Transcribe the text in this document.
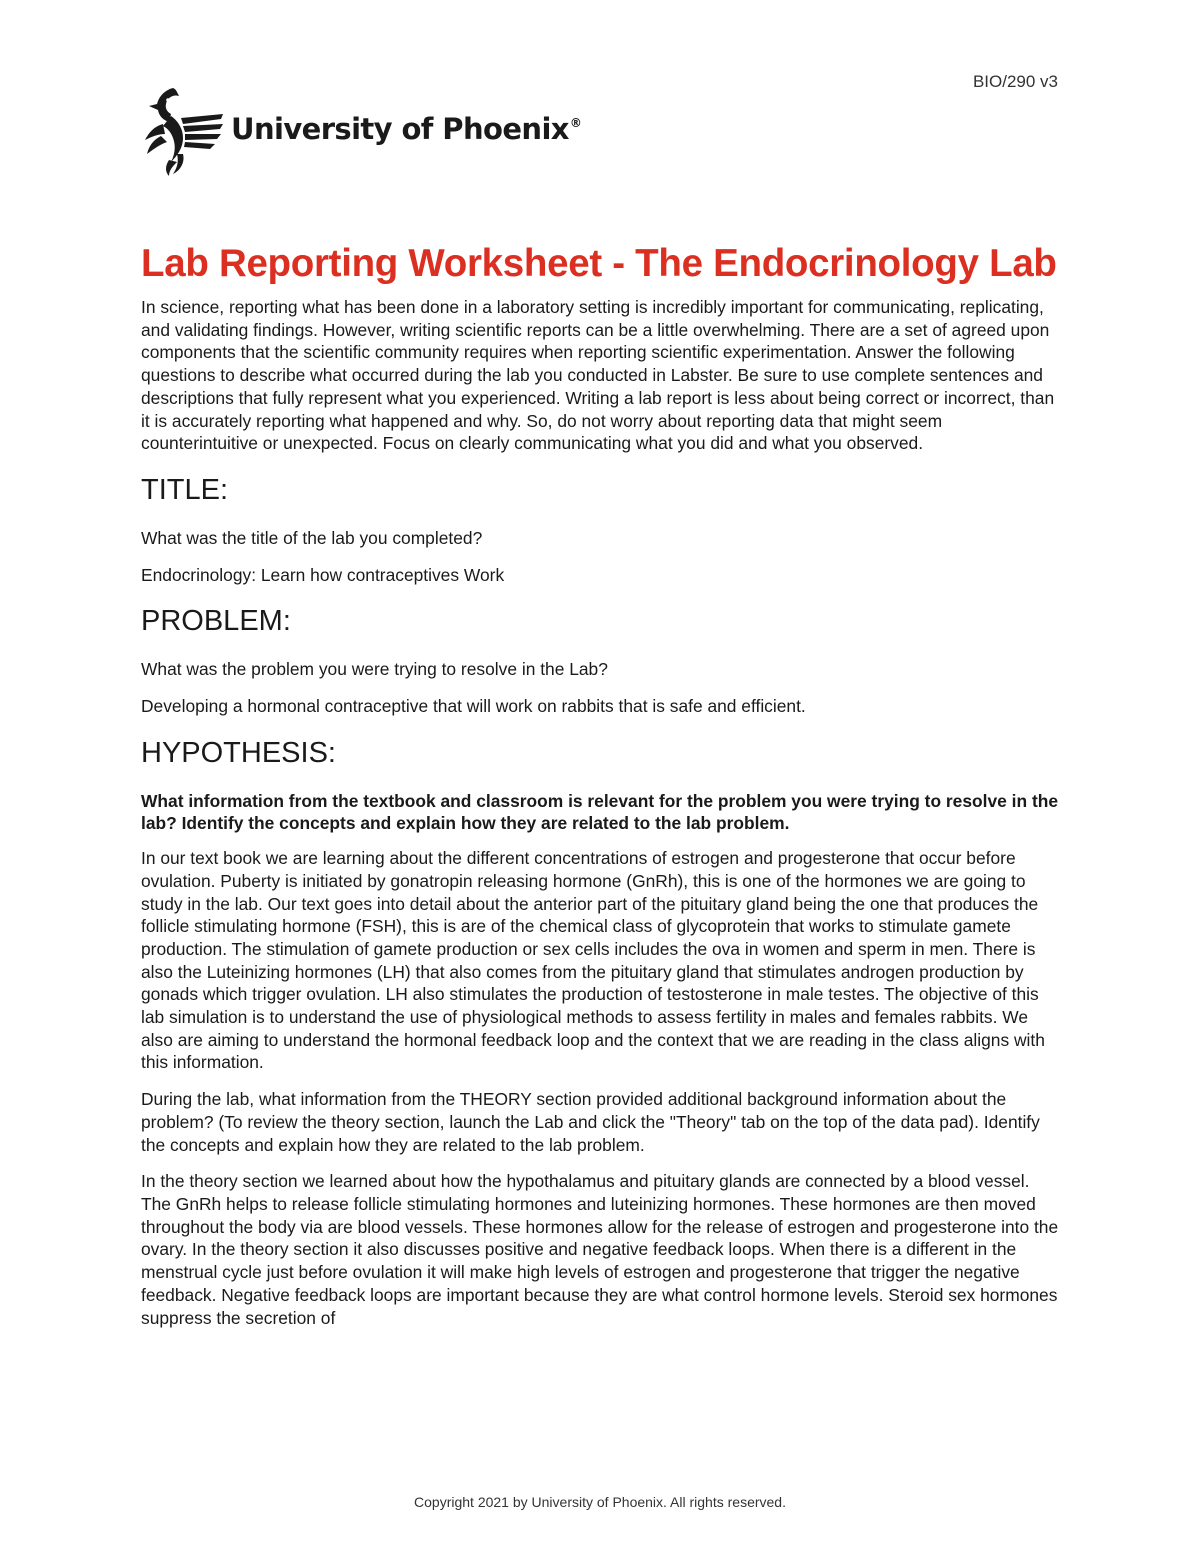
BIO/290 v3
University of Phoenix®
Lab Reporting Worksheet - The Endocrinology Lab

In science, reporting what has been done in a laboratory setting is incredibly important for communicating, replicating, and validating findings. However, writing scientific reports can be a little overwhelming. There are a set of agreed upon components that the scientific community requires when reporting scientific experimentation. Answer the following questions to describe what occurred during the lab you conducted in Labster. Be sure to use complete sentences and descriptions that fully represent what you experienced. Writing a lab report is less about being correct or incorrect, than it is accurately reporting what happened and why. So, do not worry about reporting data that might seem counterintuitive or unexpected. Focus on clearly communicating what you did and what you observed.

TITLE:

What was the title of the lab you completed?

Endocrinology: Learn how contraceptives Work

PROBLEM:

What was the problem you were trying to resolve in the Lab?

Developing a hormonal contraceptive that will work on rabbits that is safe and efficient.

HYPOTHESIS:

What information from the textbook and classroom is relevant for the problem you were trying to resolve in the lab? Identify the concepts and explain how they are related to the lab problem.

In our text book we are learning about the different concentrations of estrogen and progesterone that occur before ovulation. Puberty is initiated by gonatropin releasing hormone (GnRh), this is one of the hormones we are going to study in the lab. Our text goes into detail about the anterior part of the pituitary gland being the one that produces the follicle stimulating hormone (FSH), this is are of the chemical class of glycoprotein that works to stimulate gamete production. The stimulation of gamete production or sex cells includes the ova in women and sperm in men. There is also the Luteinizing hormones (LH) that also comes from the pituitary gland that stimulates androgen production by gonads which trigger ovulation. LH also stimulates the production of testosterone in male testes. The objective of this lab simulation is to understand the use of physiological methods to assess fertility in males and females rabbits. We also are aiming to understand the hormonal feedback loop and the context that we are reading in the class aligns with this information.

During the lab, what information from the THEORY section provided additional background information about the problem? (To review the theory section, launch the Lab and click the "Theory" tab on the top of the data pad). Identify the concepts and explain how they are related to the lab problem.

In the theory section we learned about how the hypothalamus and pituitary glands are connected by a blood vessel. The GnRh helps to release follicle stimulating hormones and luteinizing hormones. These hormones are then moved throughout the body via are blood vessels. These hormones allow for the release of estrogen and progesterone into the ovary. In the theory section it also discusses positive and negative feedback loops. When there is a different in the menstrual cycle just before ovulation it will make high levels of estrogen and progesterone that trigger the negative feedback. Negative feedback loops are important because they are what control hormone levels. Steroid sex hormones suppress the secretion of

Copyright 2021 by University of Phoenix. All rights reserved.
